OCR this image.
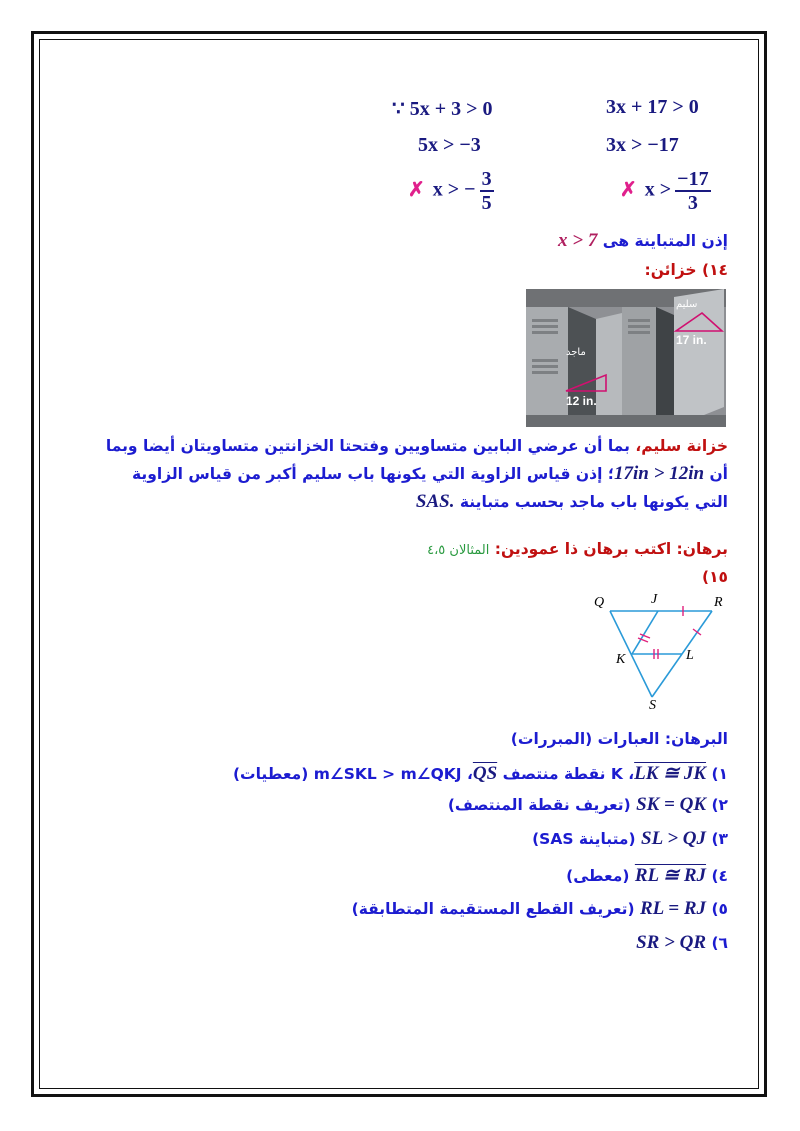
∵ 5x + 3 > 0	3x + 17 > 0
5x > −3	3x > −17
✗ x > − $\frac{3}{5}$	✗ $x > \frac{-17}{3}$
إذن المتباينة هى x > 7
١٤) خزائن:
سليم
ماجد
17 in.
12 in.
خزانة سليم، بما أن عرضي البابين متساويين وفتحتا الخزانتين متساويتان أيضا وبما
أن 17in > 12in؛ إذن قياس الزاوية التي يكونها باب سليم أكبر من قياس الزاوية
التي يكونها باب ماجد بحسب متباينة SAS.
برهان: اكتب برهان ذا عمودين: المثالان ٤،٥
١٥)
Q	J	R
K	L
S
البرهان: العبارات (المبررات)
١) LK ≅ JK، K نقطة منتصف $\overline{QS}،$ m∠SKL > m∠QKJ (معطيات)
٢) SK = QK (تعريف نقطة المنتصف)
٣) SL > QJ (متباينة SAS)
٤) RL ≅ RJ (معطى)
٥) RL = RJ (تعريف القطع المستقيمة المتطابقة)
٦) SR > QR
